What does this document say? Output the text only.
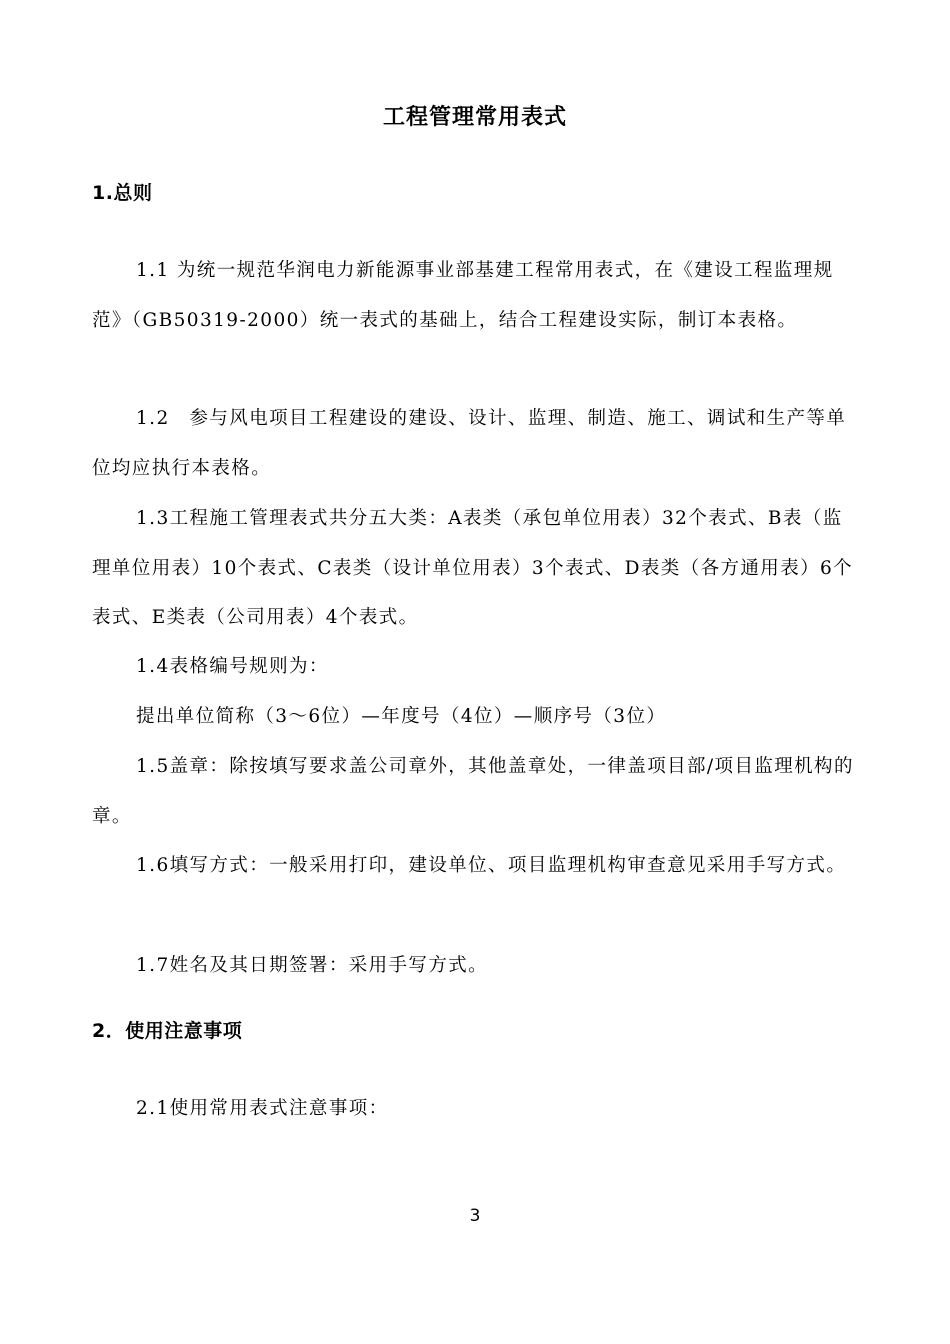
工程管理常用表式
1.总则

1.1 为统一规范华润电力新能源事业部基建工程常用表式，在《建设工程监理规范》（GB50319-2000）统一表式的基础上，结合工程建设实际，制订本表格。

1.2　参与风电项目工程建设的建设、设计、监理、制造、施工、调试和生产等单位均应执行本表格。

1.3工程施工管理表式共分五大类：A表类（承包单位用表）32个表式、B表（监理单位用表）10个表式、C表类（设计单位用表）3个表式、D表类（各方通用表）6个表式、E类表（公司用表）4个表式。

1.4表格编号规则为：

提出单位简称（3～6位）—年度号（4位）—顺序号（3位）

1.5盖章：除按填写要求盖公司章外，其他盖章处，一律盖项目部/项目监理机构的章。

1.6填写方式：一般采用打印，建设单位、项目监理机构审查意见采用手写方式。

1.7姓名及其日期签署：采用手写方式。

2．使用注意事项

2.1使用常用表式注意事项：

3
